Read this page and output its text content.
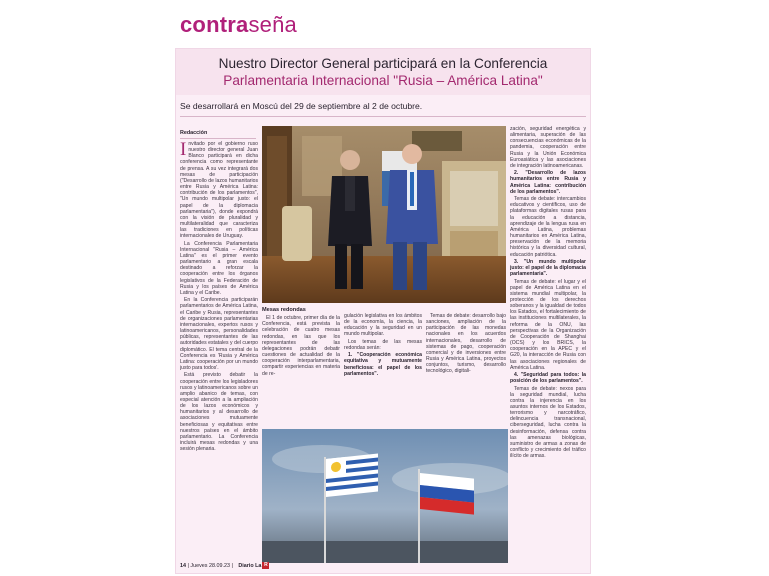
contraseña
Nuestro Director General participará en la Conferencia
Parlamentaria Internacional "Rusia – América Latina"
Se desarrollará en Moscú del 29 de septiembre al 2 de octubre.
Redacción

Invitado por el gobierno ruso nuestro director general Juan Blanco participará en dicha conferencia como representante de prensa. A su vez integrará dos mesas de participación ("Desarrollo de lazos humanitarios entre Rusia y América Latina: contribución de los parlamentos", "Un mundo multipolar justo: el papel de la diplomacia parlamentaria"), donde expondrá con la visión de pluralidad y multilateralidad que caracteriza las tradiciones en políticas internacionales de Uruguay.

La Conferencia Parlamentaria Internacional "Rusia – América Latina" es el primer evento parlamentario a gran escala destinado a reforzar la cooperación entre los órganos legislativos de la Federación de Rusia y los países de América Latina y el Caribe.

En la Conferencia participarán parlamentarios de América Latina, el Caribe y Rusia, representantes de organizaciones parlamentarias internacionales, expertos rusos y latinoamericanos, personalidades públicas, representantes de las autoridades estatales y del cuerpo diplomático. El tema central de la Conferencia es 'Rusia y América Latina: cooperación por un mundo justo para todos'.

Está previsto debatir la cooperación entre los legisladores rusos y latinoamericanos sobre un amplio abanico de temas, con especial atención a la ampliación de los lazos económicos y humanitarios y al desarrollo de asociaciones mutuamente beneficiosas y equitativas entre nuestros países en el ámbito parlamentario. La Conferencia incluirá mesas redondas y una sesión plenaria.

Mesas redondas

El 1 de octubre, primer día de la Conferencia, está prevista la celebración de cuatro mesas redondas, en las que los representantes de las delegaciones podrán debatir cuestiones de actualidad de la cooperación interparlamentaria, compartir experiencias en materia de re-

gulación legislativa en los ámbitos de la economía, la ciencia, la educación y la seguridad en un mundo multipolar.

Los temas de las mesas redondas serán:

1. "Cooperación económica equitativa y mutuamente beneficiosa: el papel de los parlamentos".

Temas de debate: desarrollo bajo sanciones, ampliación de la participación de las monedas nacionales en los acuerdos internacionales, desarrollo de sistemas de pago, cooperación comercial y de inversiones entre Rusia y América Latina, proyectos conjuntos, turismo, desarrollo tecnológico, digitali-

zación, seguridad energética y alimentaria, superación de las consecuencias económicas de la pandemia, cooperación entre Rusia y la Unión Económica Euroasiática y las asociaciones de integración latinoamericanas.

2. "Desarrollo de lazos humanitarios entre Rusia y América Latina: contribución de los parlamentos".

Temas de debate: intercambios educativos y científicos, uso de plataformas digitales rusas para la educación a distancia, aprendizaje de la lengua rusa en América Latina, problemas humanitarios en América Latina, preservación de la memoria histórica y la diversidad cultural, educación patriótica.

3. "Un mundo multipolar justo: el papel de la diplomacia parlamentaria".

Temas de debate: el lugar y el papel de América Latina en el sistema mundial multipolar, la protección de los derechos soberanos y la igualdad de todos los Estados, el fortalecimiento de las instituciones multilaterales, la reforma de la ONU, las perspectivas de la Organización de Cooperación de Shanghai (OCS) y los BRICS, la cooperación en la APEC y el G20, la interacción de Rusia con las asociaciones regionales de América Latina.

4. "Seguridad para todos: la posición de los parlamentos".

Temas de debate: nexos para la seguridad mundial, lucha contra la injerencia en los asuntos internos de los Estados, terrorismo y narcotráfico, delincuencia transnacional, ciberseguridad, lucha contra la desinformación, defensa contra las amenazas biológicas, suministro de armas a zonas de conflicto y crecimiento del tráfico ilícito de armas.

14 | Jueves 28.09.23 | Diario La R
